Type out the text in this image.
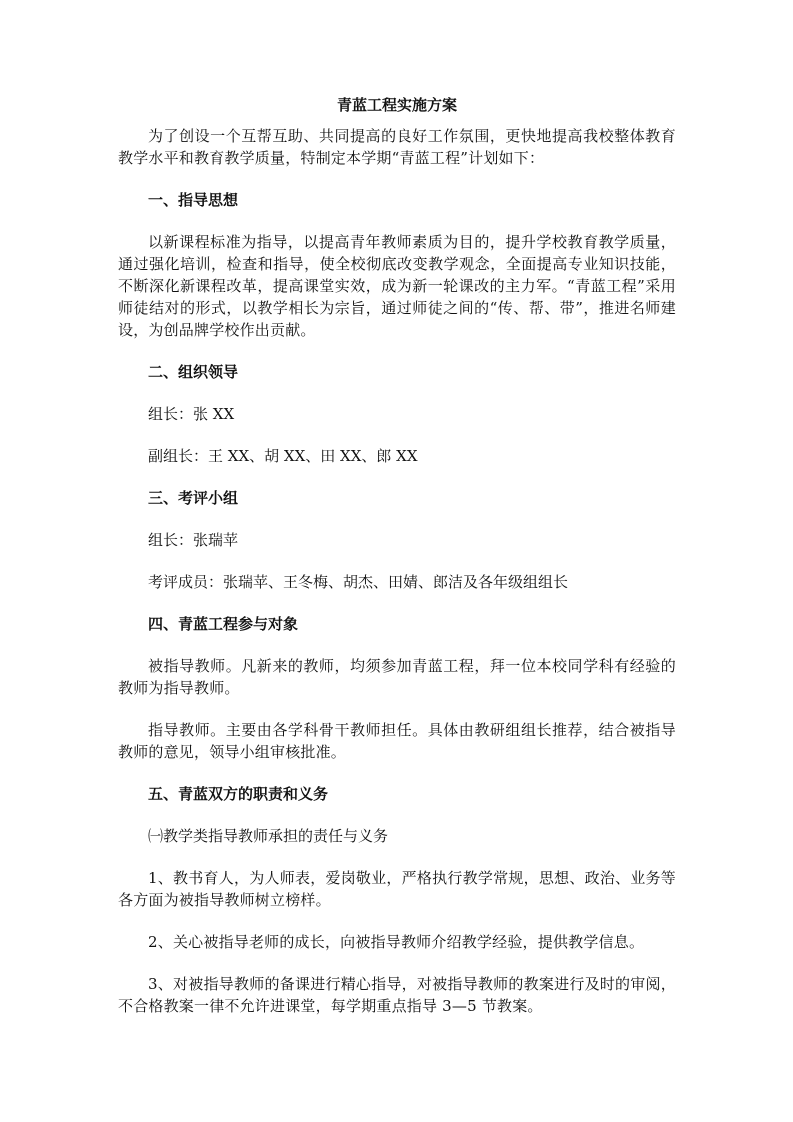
青蓝工程实施方案

为了创设一个互帮互助、共同提高的良好工作氛围，更快地提高我校整体教育教学水平和教育教学质量，特制定本学期“青蓝工程”计划如下：

一、指导思想

以新课程标准为指导，以提高青年教师素质为目的，提升学校教育教学质量，通过强化培训，检查和指导，使全校彻底改变教学观念，全面提高专业知识技能，不断深化新课程改革，提高课堂实效，成为新一轮课改的主力军。“青蓝工程”采用师徒结对的形式，以教学相长为宗旨，通过师徒之间的“传、帮、带”，推进名师建设，为创品牌学校作出贡献。

二、组织领导
组长：张 XX
副组长：王 XX、胡 XX、田 XX、郎 XX
三、考评小组
组长：张瑞苹
考评成员：张瑞苹、王冬梅、胡杰、田婧、郎洁及各年级组组长
四、青蓝工程参与对象

被指导教师。凡新来的教师，均须参加青蓝工程，拜一位本校同学科有经验的教师为指导教师。

指导教师。主要由各学科骨干教师担任。具体由教研组组长推荐，结合被指导教师的意见，领导小组审核批准。

五、青蓝双方的职责和义务
㈠教学类指导教师承担的责任与义务

1、教书育人，为人师表，爱岗敬业，严格执行教学常规，思想、政治、业务等各方面为被指导教师树立榜样。

2、关心被指导老师的成长，向被指导教师介绍教学经验，提供教学信息。

3、对被指导教师的备课进行精心指导，对被指导教师的教案进行及时的审阅，不合格教案一律不允许进课堂，每学期重点指导 3—5 节教案。
